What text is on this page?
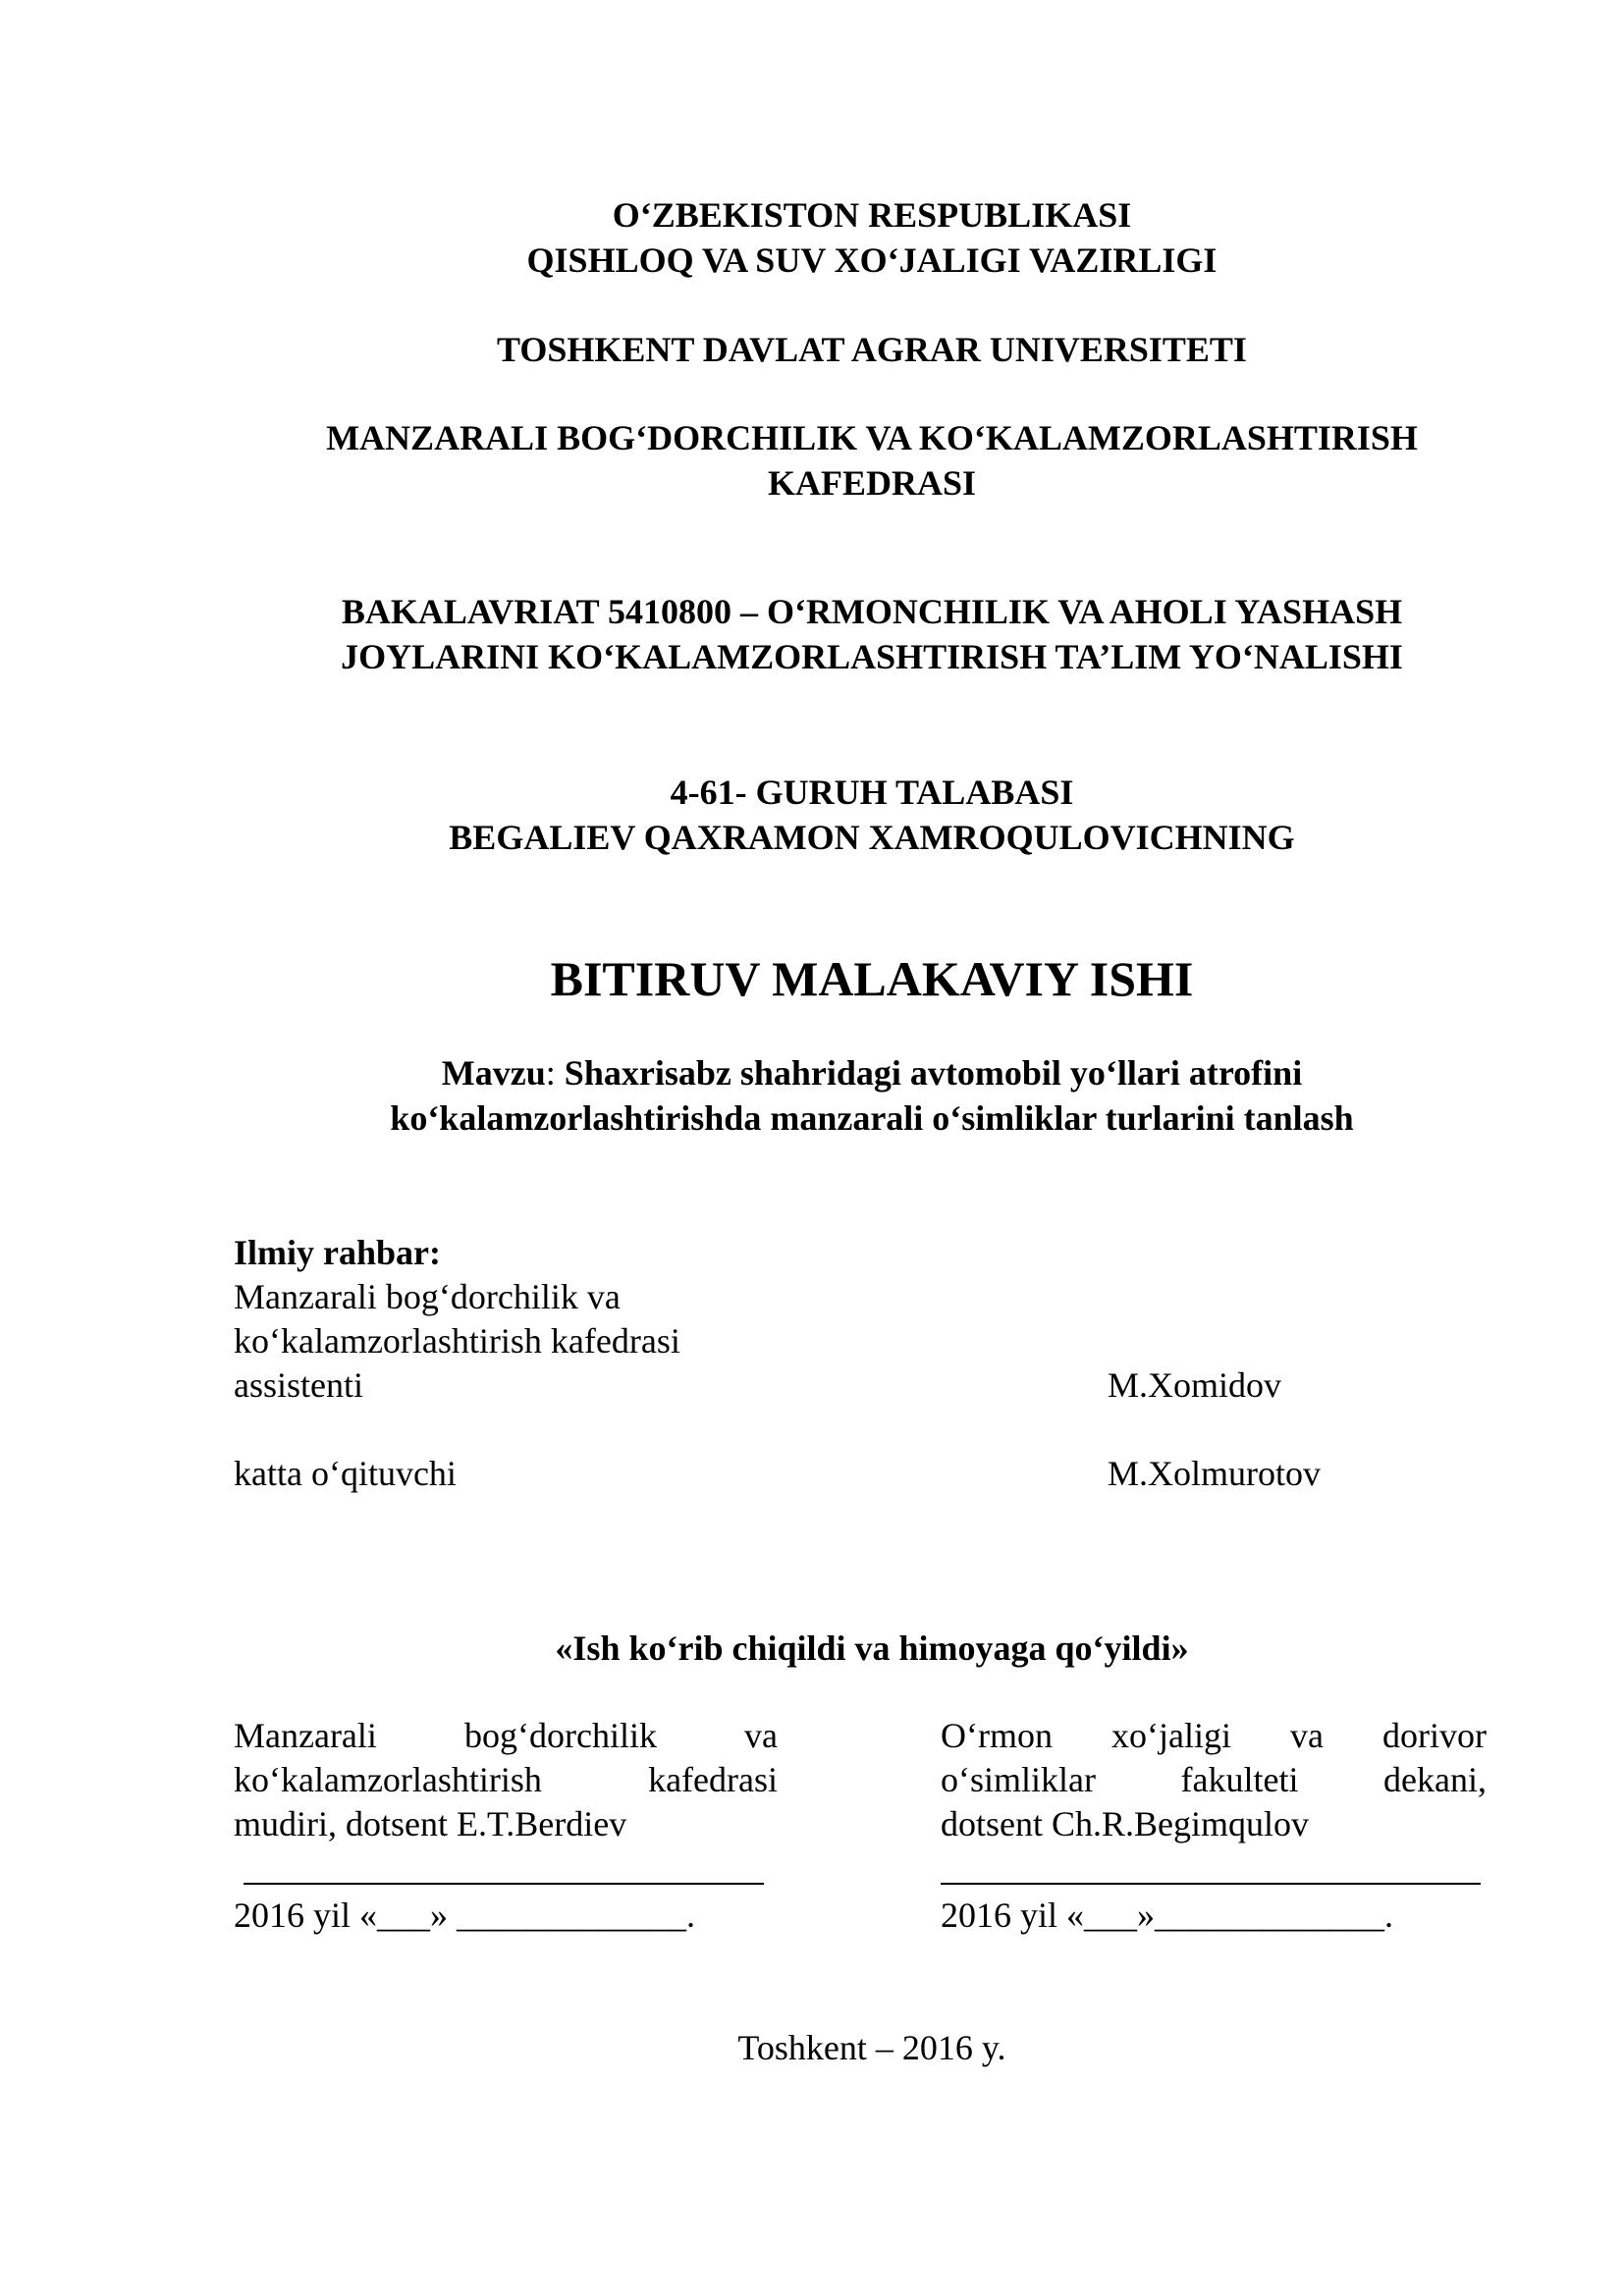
O‘ZBEKISTON RESPUBLIKASI

QISHLOQ VA SUV XO‘JALIGI VAZIRLIGI

TOSHKENT DAVLAT AGRAR UNIVERSITETI

MANZARALI BOG‘DORCHILIK VA KO‘KALAMZORLASHTIRISH

KAFEDRASI

BAKALAVRIAT 5410800 – O‘RMONCHILIK VA AHOLI YASHASH

JOYLARINI KO‘KALAMZORLASHTIRISH TA’LIM YO‘NALISHI

4-61- GURUH TALABASI

BEGALIEV QAXRAMON XAMROQULOVICHNING

BITIRUV MALAKAVIY ISHI

Mavzu: Shaxrisabz shahridagi avtomobil yo‘llari atrofini
ko‘kalamzorlashtirishda manzarali o‘simliklar turlarini tanlash
Ilmiy rahbar:
Manzarali bog‘dorchilik va
ko‘kalamzorlashtirish kafedrasi
assistenti	M.Xomidov
katta o‘qituvchi	M.Xolmurotov

«Ish ko‘rib chiqildi va himoyaga qo‘yildi»

Manzarali bog‘dorchilik va
ko‘kalamzorlashtirish	kafedrasi
mudiri, dotsent E.T.Berdiev
2016 yil «___» _____________.
O‘rmon xo‘jaligi va dorivor
o‘simliklar fakulteti dekani,
dotsent Ch.R.Begimqulov
2016 yil «___»_____________.
Toshkent – 2016 y.
